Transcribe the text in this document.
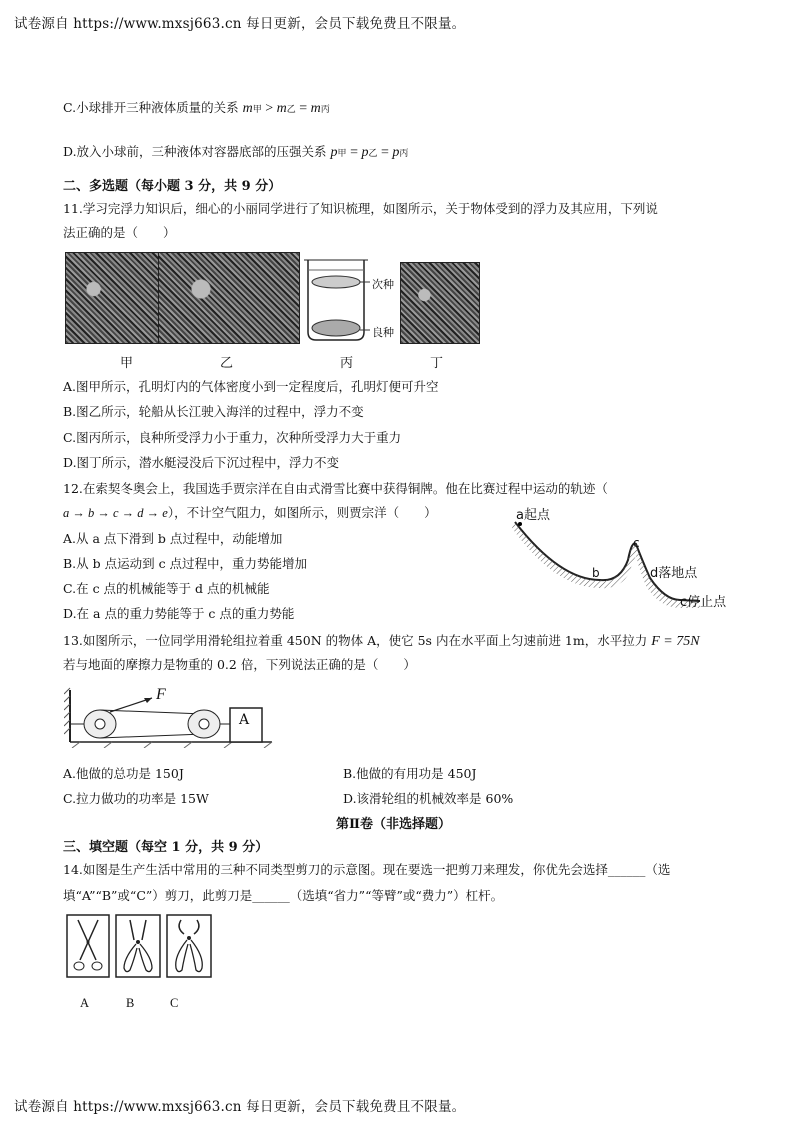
试卷源自 https://www.mxsj663.cn 每日更新，会员下载免费且不限量。
C.小球排开三种液体质量的关系 m甲 > m乙 = m丙
D.放入小球前，三种液体对容器底部的压强关系 p甲 = p乙 = p丙
二、多选题（每小题 3 分，共 9 分）
11.学习完浮力知识后，细心的小丽同学进行了知识梳理，如图所示，关于物体受到的浮力及其应用，下列说
法正确的是（　　）
次种
良种
甲	乙	丙	丁
A.图甲所示，孔明灯内的气体密度小到一定程度后，孔明灯便可升空
B.图乙所示，轮船从长江驶入海洋的过程中，浮力不变
C.图丙所示，良种所受浮力小于重力，次种所受浮力大于重力
D.图丁所示，潜水艇浸没后下沉过程中，浮力不变
12.在索契冬奥会上，我国选手贾宗洋在自由式滑雪比赛中获得铜牌。他在比赛过程中运动的轨迹（
a → b → c → d → e），不计空气阻力，如图所示，则贾宗洋（　　）
A.从 a 点下滑到 b 点过程中，动能增加
B.从 b 点运动到 c 点过程中，重力势能增加
C.在 c 点的机械能等于 d 点的机械能
D.在 a 点的重力势能等于 c 点的重力势能
a起点
b
c
d落地点
c停止点
13.如图所示，一位同学用滑轮组拉着重 450N 的物体 A，使它 5s 内在水平面上匀速前进 1m，水平拉力 F = 75N
若与地面的摩擦力是物重的 0.2 倍，下列说法正确的是（　　）
F
A
A.他做的总功是 150J	B.他做的有用功是 450J
C.拉力做功的功率是 15W	D.该滑轮组的机械效率是 60%
第Ⅱ卷（非选择题）
三、填空题（每空 1 分，共 9 分）
14.如图是生产生活中常用的三种不同类型剪刀的示意图。现在要选一把剪刀来理发，你优先会选择______（选
填“A”“B”或“C”）剪刀，此剪刀是______（选填“省力”“等臂”或“费力”）杠杆。
A	B	C
试卷源自 https://www.mxsj663.cn 每日更新，会员下载免费且不限量。
